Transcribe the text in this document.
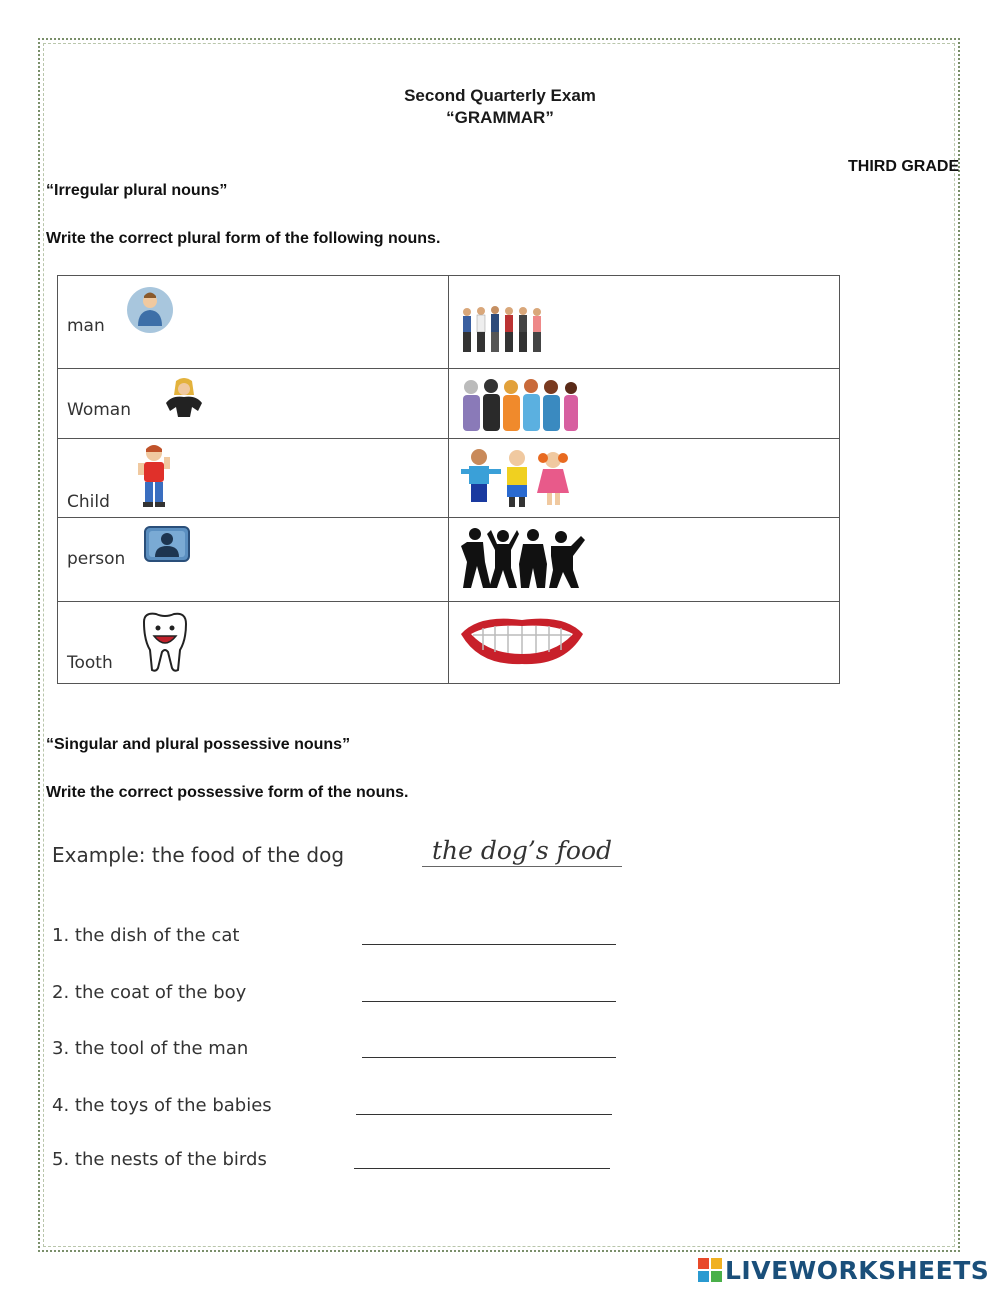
Second Quarterly Exam
“GRAMMAR”
THIRD GRADE
“Irregular plural nouns”
Write the correct plural form of the following nouns.
man

Woman

Child

person

Tooth

“Singular and plural possessive nouns”
Write the correct possessive form of the nouns.
Example: the food of the dog	the dog’s food
1. the dish of the cat
2. the coat of the boy
3. the tool of the man
4. the toys of the babies
5. the nests of the birds
LIVEWORKSHEETS
